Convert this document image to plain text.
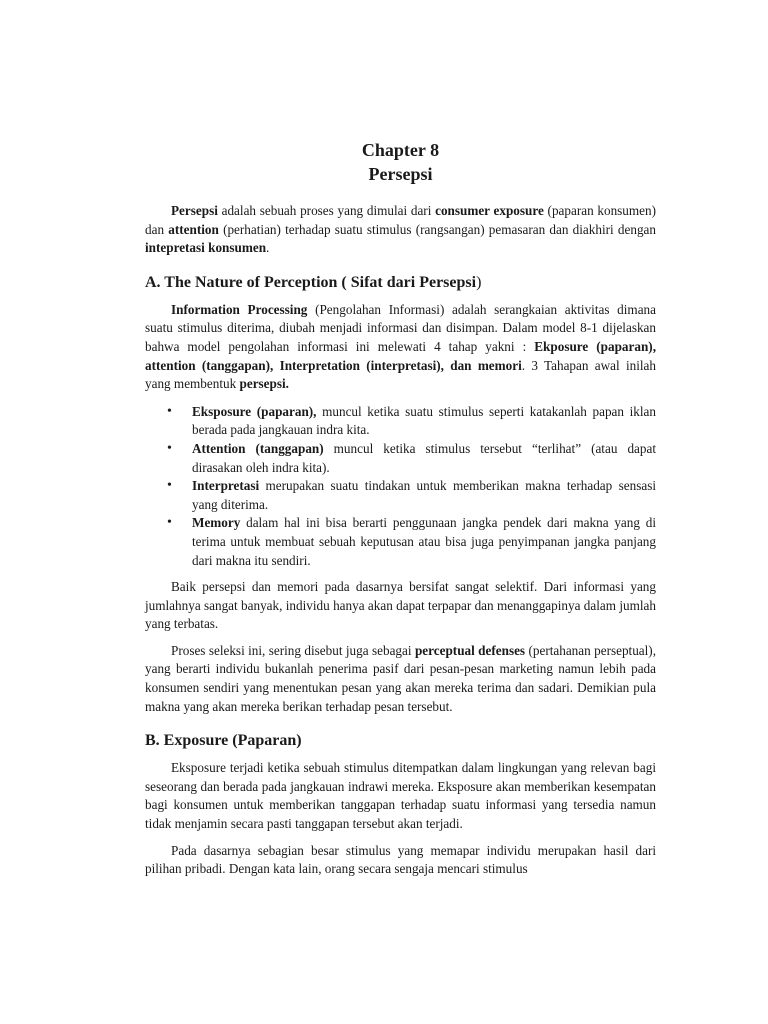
Chapter 8
Persepsi

Persepsi adalah sebuah proses yang dimulai dari consumer exposure (paparan konsumen) dan attention (perhatian) terhadap suatu stimulus (rangsangan) pemasaran dan diakhiri dengan intepretasi konsumen.

A. The Nature of Perception ( Sifat dari Persepsi)

Information Processing (Pengolahan Informasi) adalah serangkaian aktivitas dimana suatu stimulus diterima, diubah menjadi informasi dan disimpan. Dalam model 8-1 dijelaskan bahwa model pengolahan informasi ini melewati 4 tahap yakni : Ekposure (paparan), attention (tanggapan), Interpretation (interpretasi), dan memori. 3 Tahapan awal inilah yang membentuk persepsi.

• Eksposure (paparan), muncul ketika suatu stimulus seperti katakanlah papan iklan berada pada jangkauan indra kita.
• Attention (tanggapan) muncul ketika stimulus tersebut “terlihat” (atau dapat dirasakan oleh indra kita).
• Interpretasi merupakan suatu tindakan untuk memberikan makna terhadap sensasi yang diterima.
• Memory dalam hal ini bisa berarti penggunaan jangka pendek dari makna yang di terima untuk membuat sebuah keputusan atau bisa juga penyimpanan jangka panjang dari makna itu sendiri.

Baik persepsi dan memori pada dasarnya bersifat sangat selektif. Dari informasi yang jumlahnya sangat banyak, individu hanya akan dapat terpapar dan menanggapinya dalam jumlah yang terbatas.

Proses seleksi ini, sering disebut juga sebagai perceptual defenses (pertahanan perseptual), yang berarti individu bukanlah penerima pasif dari pesan-pesan marketing namun lebih pada konsumen sendiri yang menentukan pesan yang akan mereka terima dan sadari. Demikian pula makna yang akan mereka berikan terhadap pesan tersebut.

B. Exposure (Paparan)

Eksposure terjadi ketika sebuah stimulus ditempatkan dalam lingkungan yang relevan bagi seseorang dan berada pada jangkauan indrawi mereka. Eksposure akan memberikan kesempatan bagi konsumen untuk memberikan tanggapan terhadap suatu informasi yang tersedia namun tidak menjamin secara pasti tanggapan tersebut akan terjadi.

Pada dasarnya sebagian besar stimulus yang memapar individu merupakan hasil dari pilihan pribadi. Dengan kata lain, orang secara sengaja mencari stimulus
